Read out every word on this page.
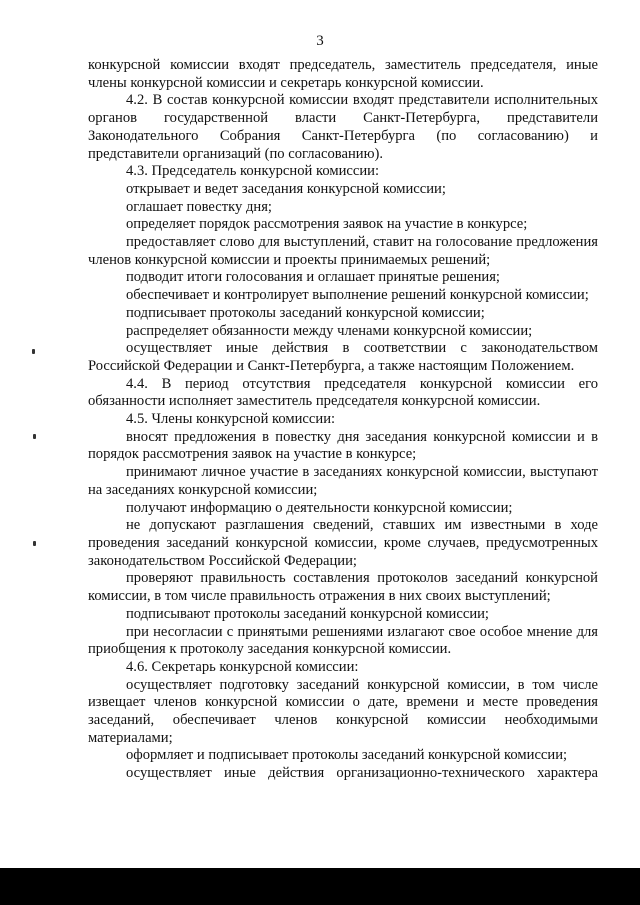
3

конкурсной комиссии входят председатель, заместитель председателя, иные члены конкурсной комиссии и секретарь конкурсной комиссии.

4.2. В состав конкурсной комиссии входят представители исполнительных органов государственной власти Санкт-Петербурга, представители Законодательного Собрания Санкт-Петербурга (по согласованию) и представители организаций (по согласованию).

4.3. Председатель конкурсной комиссии:

открывает и ведет заседания конкурсной комиссии;

оглашает повестку дня;

определяет порядок рассмотрения заявок на участие в конкурсе;

предоставляет слово для выступлений, ставит на голосование предложения членов конкурсной комиссии и проекты принимаемых решений;

подводит итоги голосования и оглашает принятые решения;

обеспечивает и контролирует выполнение решений конкурсной комиссии;

подписывает протоколы заседаний конкурсной комиссии;

распределяет обязанности между членами конкурсной комиссии;

осуществляет иные действия в соответствии с законодательством Российской Федерации и Санкт-Петербурга, а также настоящим Положением.

4.4. В период отсутствия председателя конкурсной комиссии его обязанности исполняет заместитель председателя конкурсной комиссии.

4.5. Члены конкурсной комиссии:

вносят предложения в повестку дня заседания конкурсной комиссии и в порядок рассмотрения заявок на участие в конкурсе;

принимают личное участие в заседаниях конкурсной комиссии, выступают на заседаниях конкурсной комиссии;

получают информацию о деятельности конкурсной комиссии;

не допускают разглашения сведений, ставших им известными в ходе проведения заседаний конкурсной комиссии, кроме случаев, предусмотренных законодательством Российской Федерации;

проверяют правильность составления протоколов заседаний конкурсной комиссии, в том числе правильность отражения в них своих выступлений;

подписывают протоколы заседаний конкурсной комиссии;

при несогласии с принятыми решениями излагают свое особое мнение для приобщения к протоколу заседания конкурсной комиссии.

4.6. Секретарь конкурсной комиссии:

осуществляет подготовку заседаний конкурсной комиссии, в том числе извещает членов конкурсной комиссии о дате, времени и месте проведения заседаний, обеспечивает членов конкурсной комиссии необходимыми материалами;

оформляет и подписывает протоколы заседаний конкурсной комиссии;

осуществляет иные действия организационно-технического характера
